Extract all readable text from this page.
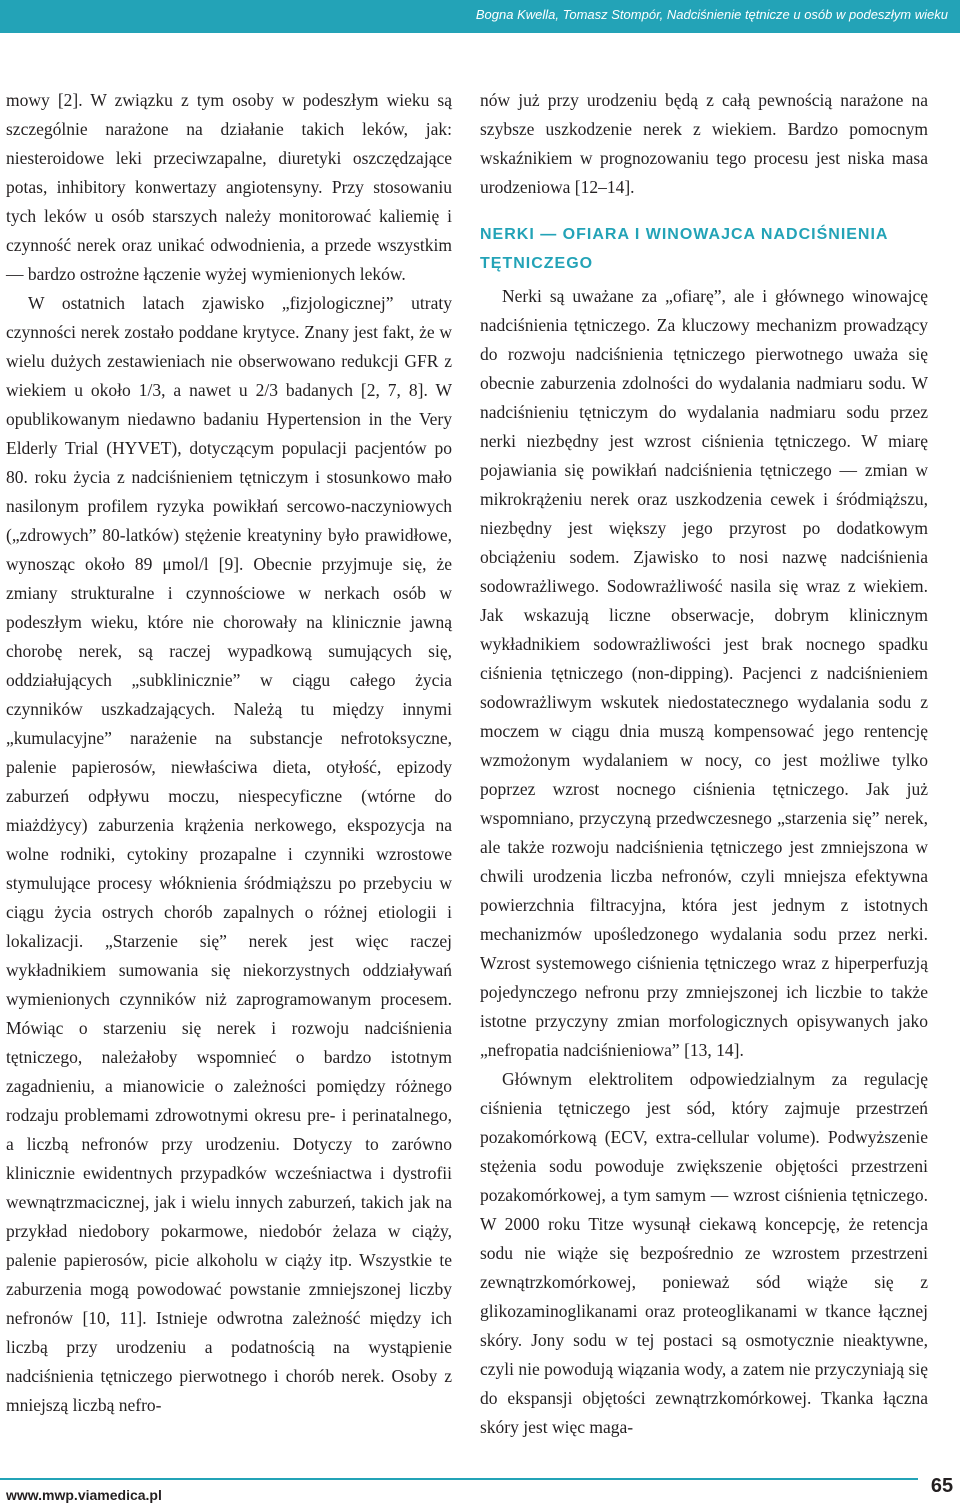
Bogna Kwella, Tomasz Stompór, Nadciśnienie tętnicze u osób w podeszłym wieku

mowy [2]. W związku z tym osoby w podeszłym wieku są szczególnie narażone na działanie takich leków, jak: niesteroidowe leki przeciwzapalne, diuretyki oszczędzające potas, inhibitory konwertazy angiotensyny. Przy stosowaniu tych leków u osób starszych należy monitorować kaliemię i czynność nerek oraz unikać odwodnienia, a przede wszystkim — bardzo ostrożne łączenie wyżej wymienionych leków.

W ostatnich latach zjawisko „fizjologicznej” utraty czynności nerek zostało poddane krytyce. Znany jest fakt, że w wielu dużych zestawieniach nie obserwowano redukcji GFR z wiekiem u około 1/3, a nawet u 2/3 badanych [2, 7, 8]. W opublikowanym niedawno badaniu Hypertension in the Very Elderly Trial (HYVET), dotyczącym populacji pacjentów po 80. roku życia z nadciśnieniem tętniczym i stosunkowo mało nasilonym profilem ryzyka powikłań sercowo-naczyniowych („zdrowych” 80-latków) stężenie kreatyniny było prawidłowe, wynosząc około 89 μmol/l [9]. Obecnie przyjmuje się, że zmiany strukturalne i czynnościowe w nerkach osób w podeszłym wieku, które nie chorowały na klinicznie jawną chorobę nerek, są raczej wypadkową sumujących się, oddziałujących „subklinicznie” w ciągu całego życia czynników uszkadzających. Należą tu między innymi „kumulacyjne” narażenie na substancje nefrotoksyczne, palenie papierosów, niewłaściwa dieta, otyłość, epizody zaburzeń odpływu moczu, niespecyficzne (wtórne do miażdżycy) zaburzenia krążenia nerkowego, ekspozycja na wolne rodniki, cytokiny prozapalne i czynniki wzrostowe stymulujące procesy włóknienia śródmiąższu po przebyciu w ciągu życia ostrych chorób zapalnych o różnej etiologii i lokalizacji. „Starzenie się” nerek jest więc raczej wykładnikiem sumowania się niekorzystnych oddziaływań wymienionych czynników niż zaprogramowanym procesem. Mówiąc o starzeniu się nerek i rozwoju nadciśnienia tętniczego, należałoby wspomnieć o bardzo istotnym zagadnieniu, a mianowicie o zależności pomiędzy różnego rodzaju problemami zdrowotnymi okresu pre- i perinatalnego, a liczbą nefronów przy urodzeniu. Dotyczy to zarówno klinicznie ewidentnych przypadków wcześniactwa i dystrofii wewnątrzmacicznej, jak i wielu innych zaburzeń, takich jak na przykład niedobory pokarmowe, niedobór żelaza w ciąży, palenie papierosów, picie alkoholu w ciąży itp. Wszystkie te zaburzenia mogą powodować powstanie zmniejszonej liczby nefronów [10, 11]. Istnieje odwrotna zależność między ich liczbą przy urodzeniu a podatnością na wystąpienie nadciśnienia tętniczego pierwotnego i chorób nerek. Osoby z mniejszą liczbą nefro-

nów już przy urodzeniu będą z całą pewnością narażone na szybsze uszkodzenie nerek z wiekiem. Bardzo pomocnym wskaźnikiem w prognozowaniu tego procesu jest niska masa urodzeniowa [12–14].

NERKI — OFIARA I WINOWAJCA NADCIŚNIENIA TĘTNICZEGO

Nerki są uważane za „ofiarę”, ale i głównego winowajcę nadciśnienia tętniczego. Za kluczowy mechanizm prowadzący do rozwoju nadciśnienia tętniczego pierwotnego uważa się obecnie zaburzenia zdolności do wydalania nadmiaru sodu. W nadciśnieniu tętniczym do wydalania nadmiaru sodu przez nerki niezbędny jest wzrost ciśnienia tętniczego. W miarę pojawiania się powikłań nadciśnienia tętniczego — zmian w mikrokrążeniu nerek oraz uszkodzenia cewek i śródmiąższu, niezbędny jest większy jego przyrost po dodatkowym obciążeniu sodem. Zjawisko to nosi nazwę nadciśnienia sodowrażliwego. Sodowrażliwość nasila się wraz z wiekiem. Jak wskazują liczne obserwacje, dobrym klinicznym wykładnikiem sodowrażliwości jest brak nocnego spadku ciśnienia tętniczego (non-dipping). Pacjenci z nadciśnieniem sodowrażliwym wskutek niedostatecznego wydalania sodu z moczem w ciągu dnia muszą kompensować jego rentencję wzmożonym wydalaniem w nocy, co jest możliwe tylko poprzez wzrost nocnego ciśnienia tętniczego. Jak już wspomniano, przyczyną przedwczesnego „starzenia się” nerek, ale także rozwoju nadciśnienia tętniczego jest zmniejszona w chwili urodzenia liczba nefronów, czyli mniejsza efektywna powierzchnia filtracyjna, która jest jednym z istotnych mechanizmów upośledzonego wydalania sodu przez nerki. Wzrost systemowego ciśnienia tętniczego wraz z hiperperfuzją pojedynczego nefronu przy zmniejszonej ich liczbie to także istotne przyczyny zmian morfologicznych opisywanych jako „nefropatia nadciśnieniowa” [13, 14].

Głównym elektrolitem odpowiedzialnym za regulację ciśnienia tętniczego jest sód, który zajmuje przestrzeń pozakomórkową (ECV, extra-cellular volume). Podwyższenie stężenia sodu powoduje zwiększenie objętości przestrzeni pozakomórkowej, a tym samym — wzrost ciśnienia tętniczego. W 2000 roku Titze wysunął ciekawą koncepcję, że retencja sodu nie wiąże się bezpośrednio ze wzrostem przestrzeni zewnątrzkomórkowej, ponieważ sód wiąże się z glikozaminoglikanami oraz proteoglikanami w tkance łącznej skóry. Jony sodu w tej postaci są osmotycznie nieaktywne, czyli nie powodują wiązania wody, a zatem nie przyczyniają się do ekspansji objętości zewnątrzkomórkowej. Tkanka łączna skóry jest więc maga-

www.mwp.viamedica.pl	65
